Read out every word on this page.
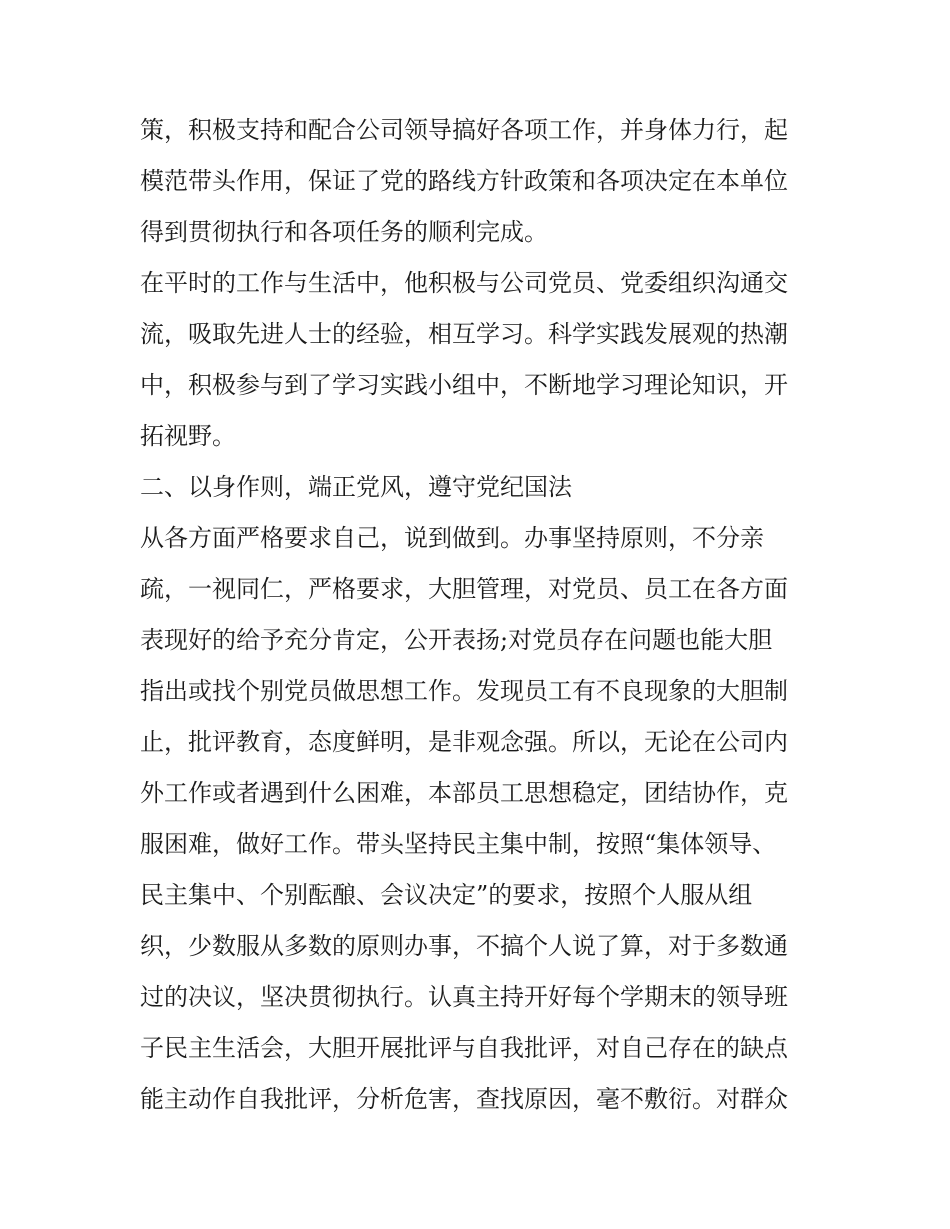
策，积极支持和配合公司领导搞好各项工作，并身体力行，起
模范带头作用，保证了党的路线方针政策和各项决定在本单位
得到贯彻执行和各项任务的顺利完成。
在平时的工作与生活中，他积极与公司党员、党委组织沟通交
流，吸取先进人士的经验，相互学习。科学实践发展观的热潮
中，积极参与到了学习实践小组中，不断地学习理论知识，开
拓视野。
二、以身作则，端正党风，遵守党纪国法
从各方面严格要求自己，说到做到。办事坚持原则，不分亲
疏，一视同仁，严格要求，大胆管理，对党员、员工在各方面
表现好的给予充分肯定，公开表扬;对党员存在问题也能大胆
指出或找个别党员做思想工作。发现员工有不良现象的大胆制
止，批评教育，态度鲜明，是非观念强。所以，无论在公司内
外工作或者遇到什么困难，本部员工思想稳定，团结协作，克
服困难，做好工作。带头坚持民主集中制，按照“集体领导、
民主集中、个别酝酿、会议决定”的要求，按照个人服从组
织，少数服从多数的原则办事，不搞个人说了算，对于多数通
过的决议，坚决贯彻执行。认真主持开好每个学期末的领导班
子民主生活会，大胆开展批评与自我批评，对自己存在的缺点
能主动作自我批评，分析危害，查找原因，毫不敷衍。对群众
